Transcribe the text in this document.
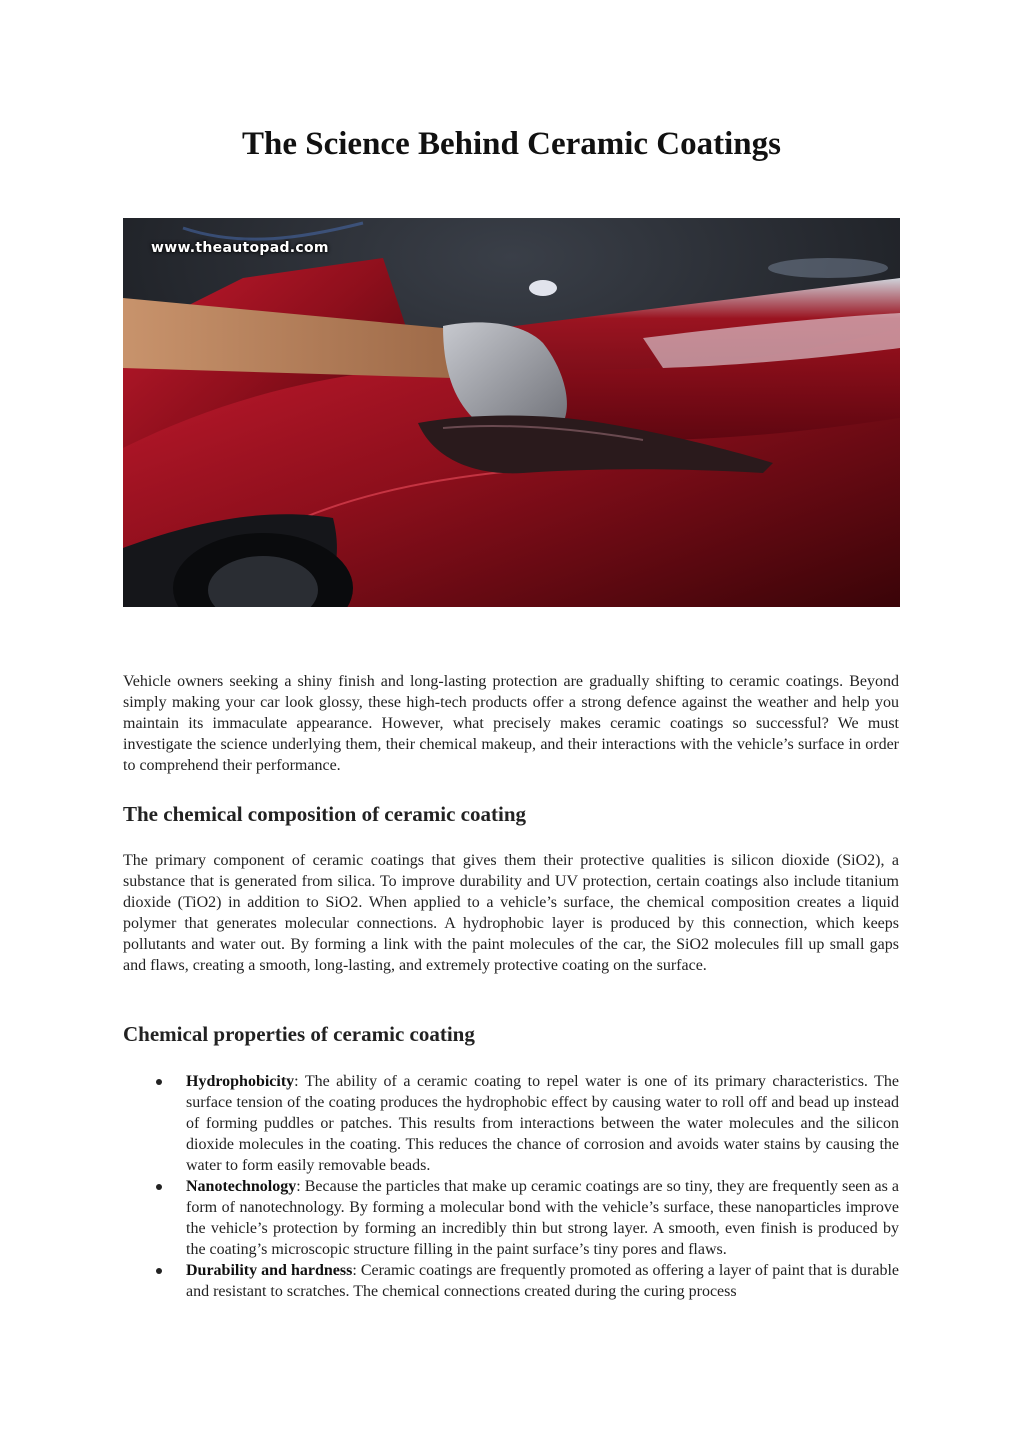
The Science Behind Ceramic Coatings
www.theautopad.com

Vehicle owners seeking a shiny finish and long-lasting protection are gradually shifting to ceramic coatings. Beyond simply making your car look glossy, these high-tech products offer a strong defence against the weather and help you maintain its immaculate appearance. However, what precisely makes ceramic coatings so successful? We must investigate the science underlying them, their chemical makeup, and their interactions with the vehicle’s surface in order to comprehend their performance.

The chemical composition of ceramic coating

The primary component of ceramic coatings that gives them their protective qualities is silicon dioxide (SiO2), a substance that is generated from silica. To improve durability and UV protection, certain coatings also include titanium dioxide (TiO2) in addition to SiO2. When applied to a vehicle’s surface, the chemical composition creates a liquid polymer that generates molecular connections. A hydrophobic layer is produced by this connection, which keeps pollutants and water out. By forming a link with the paint molecules of the car, the SiO2 molecules fill up small gaps and flaws, creating a smooth, long-lasting, and extremely protective coating on the surface.

Chemical properties of ceramic coating
Hydrophobicity: The ability of a ceramic coating to repel water is one of its primary characteristics. The surface tension of the coating produces the hydrophobic effect by causing water to roll off and bead up instead of forming puddles or patches. This results from interactions between the water molecules and the silicon dioxide molecules in the coating. This reduces the chance of corrosion and avoids water stains by causing the water to form easily removable beads.
Nanotechnology: Because the particles that make up ceramic coatings are so tiny, they are frequently seen as a form of nanotechnology. By forming a molecular bond with the vehicle’s surface, these nanoparticles improve the vehicle’s protection by forming an incredibly thin but strong layer. A smooth, even finish is produced by the coating’s microscopic structure filling in the paint surface’s tiny pores and flaws.
Durability and hardness: Ceramic coatings are frequently promoted as offering a layer of paint that is durable and resistant to scratches. The chemical connections created during the curing process
